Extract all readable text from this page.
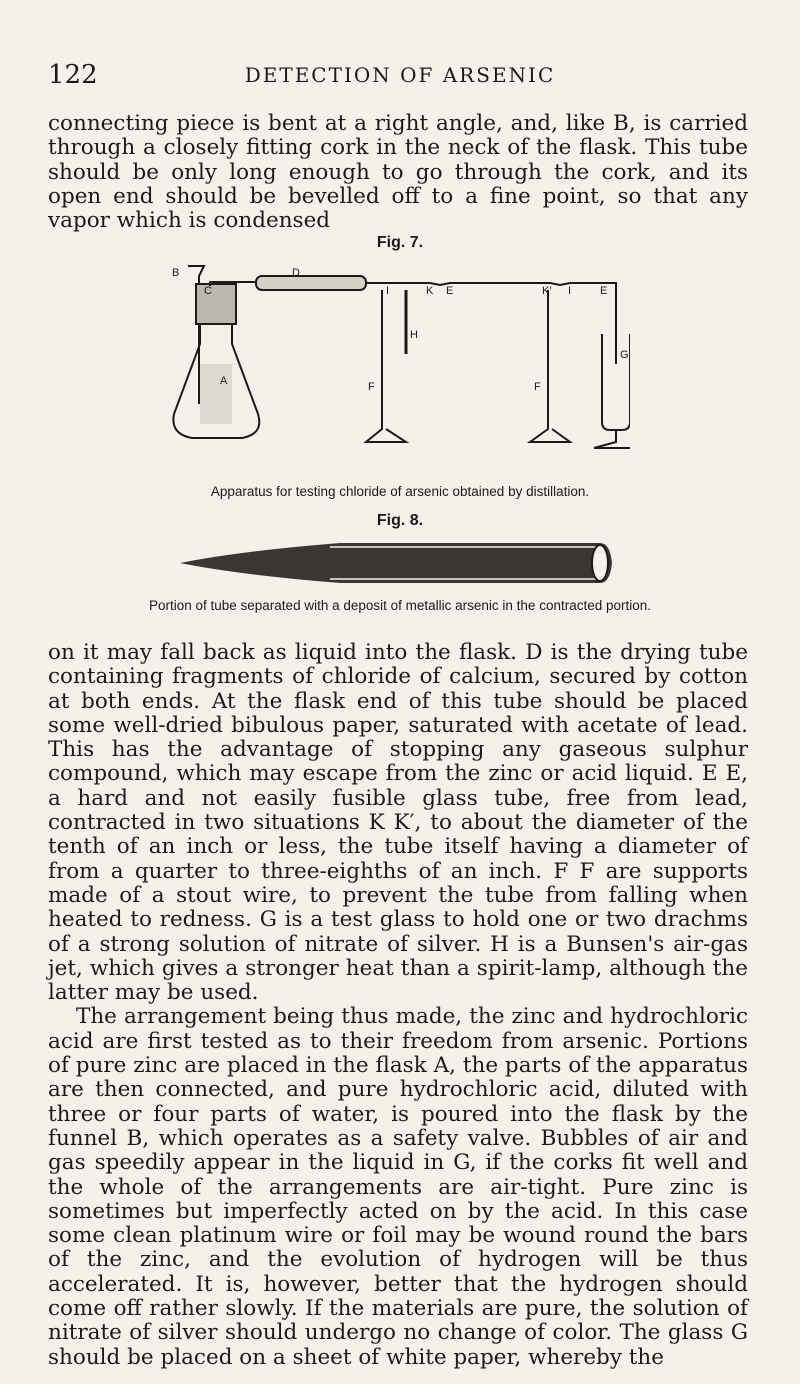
122	DETECTION OF ARSENIC

connecting piece is bent at a right angle, and, like B, is carried through a closely fitting cork in the neck of the flask. This tube should be only long enough to go through the cork, and its open end should be bevelled off to a fine point, so that any vapor which is condensed

Fig. 7.
B
C
D
I	K E	K′ I	E
H
F	F
G
A
Apparatus for testing chloride of arsenic obtained by distillation.
Fig. 8.
Portion of tube separated with a deposit of metallic arsenic in the contracted portion.

on it may fall back as liquid into the flask. D is the drying tube containing fragments of chloride of calcium, secured by cotton at both ends. At the flask end of this tube should be placed some well-dried bibulous paper, saturated with acetate of lead. This has the advantage of stopping any gaseous sulphur compound, which may escape from the zinc or acid liquid. E E, a hard and not easily fusible glass tube, free from lead, contracted in two situations K K′, to about the diameter of the tenth of an inch or less, the tube itself having a diameter of from a quarter to three-eighths of an inch. F F are supports made of a stout wire, to prevent the tube from falling when heated to redness. G is a test glass to hold one or two drachms of a strong solution of nitrate of silver. H is a Bunsen's air-gas jet, which gives a stronger heat than a spirit-lamp, although the latter may be used.

The arrangement being thus made, the zinc and hydrochloric acid are first tested as to their freedom from arsenic. Portions of pure zinc are placed in the flask A, the parts of the apparatus are then connected, and pure hydrochloric acid, diluted with three or four parts of water, is poured into the flask by the funnel B, which operates as a safety valve. Bubbles of air and gas speedily appear in the liquid in G, if the corks fit well and the whole of the arrangements are air-tight. Pure zinc is sometimes but imperfectly acted on by the acid. In this case some clean platinum wire or foil may be wound round the bars of the zinc, and the evolution of hydrogen will be thus accelerated. It is, however, better that the hydrogen should come off rather slowly. If the materials are pure, the solution of nitrate of silver should undergo no change of color. The glass G should be placed on a sheet of white paper, whereby the
